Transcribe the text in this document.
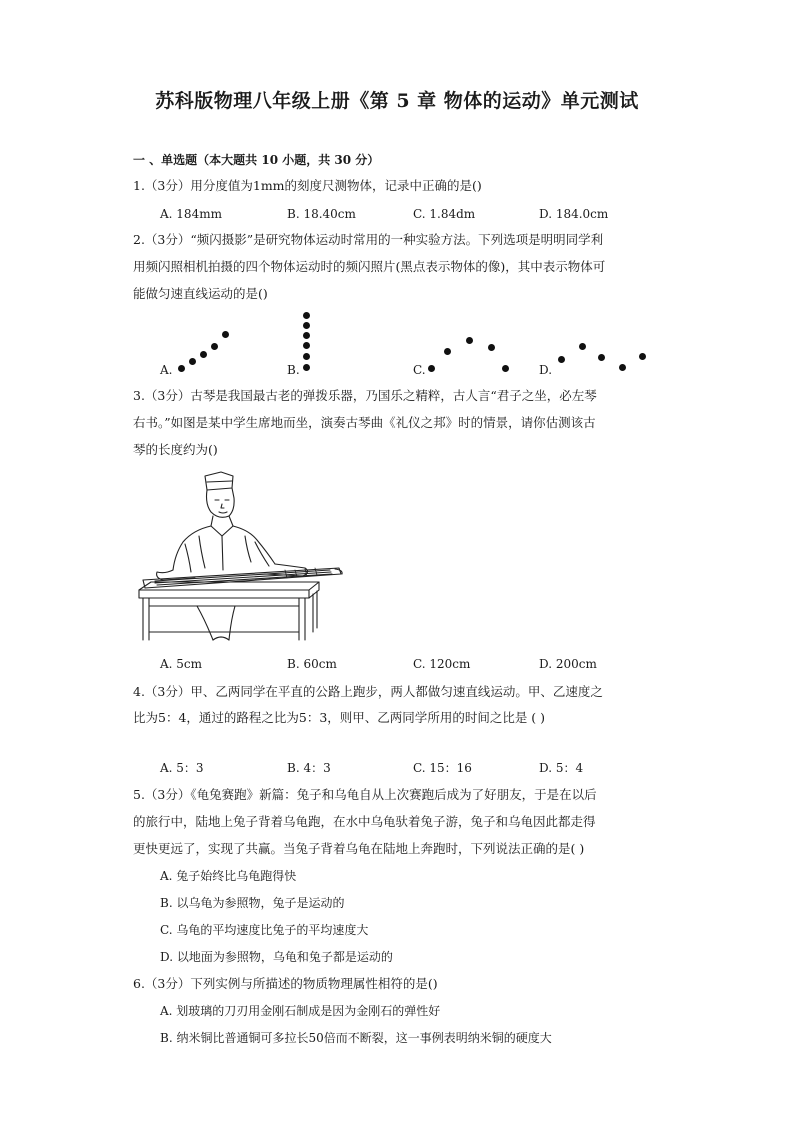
苏科版物理八年级上册《第 5 章 物体的运动》单元测试
一 、单选题（本大题共 10 小题，共 30 分）
1.（3分）用分度值为1mm的刻度尺测物体，记录中正确的是()
A. 184mm	B. 18.40cm	C. 1.84dm	D. 184.0cm
2.（3分）“频闪摄影”是研究物体运动时常用的一种实验方法。下列选项是明明同学利
用频闪照相机拍摄的四个物体运动时的频闪照片(黑点表示物体的像)，其中表示物体可
能做匀速直线运动的是()
A.	B.	C.	D.
3.（3分）古琴是我国最古老的弹拨乐器，乃国乐之精粹，古人言“君子之坐，必左琴
右书。”如图是某中学生席地而坐，演奏古琴曲《礼仪之邦》时的情景，请你估测该古
琴的长度约为()
A. 5cm	B. 60cm	C. 120cm	D. 200cm
4.（3分）甲、乙两同学在平直的公路上跑步，两人都做匀速直线运动。甲、乙速度之
比为5：4，通过的路程之比为5：3，则甲、乙两同学所用的时间之比是 ( )
A. 5：3	B. 4：3	C. 15：16	D. 5：4
5.（3分）《龟兔赛跑》新篇：兔子和乌龟自从上次赛跑后成为了好朋友，于是在以后
的旅行中，陆地上兔子背着乌龟跑，在水中乌龟驮着兔子游，兔子和乌龟因此都走得
更快更远了，实现了共赢。当兔子背着乌龟在陆地上奔跑时，下列说法正确的是( )
A. 兔子始终比乌龟跑得快
B. 以乌龟为参照物，兔子是运动的
C. 乌龟的平均速度比兔子的平均速度大
D. 以地面为参照物，乌龟和兔子都是运动的
6.（3分）下列实例与所描述的物质物理属性相符的是()
A. 划玻璃的刀刃用金刚石制成是因为金刚石的弹性好
B. 纳米铜比普通铜可多拉长50倍而不断裂，这一事例表明纳米铜的硬度大
